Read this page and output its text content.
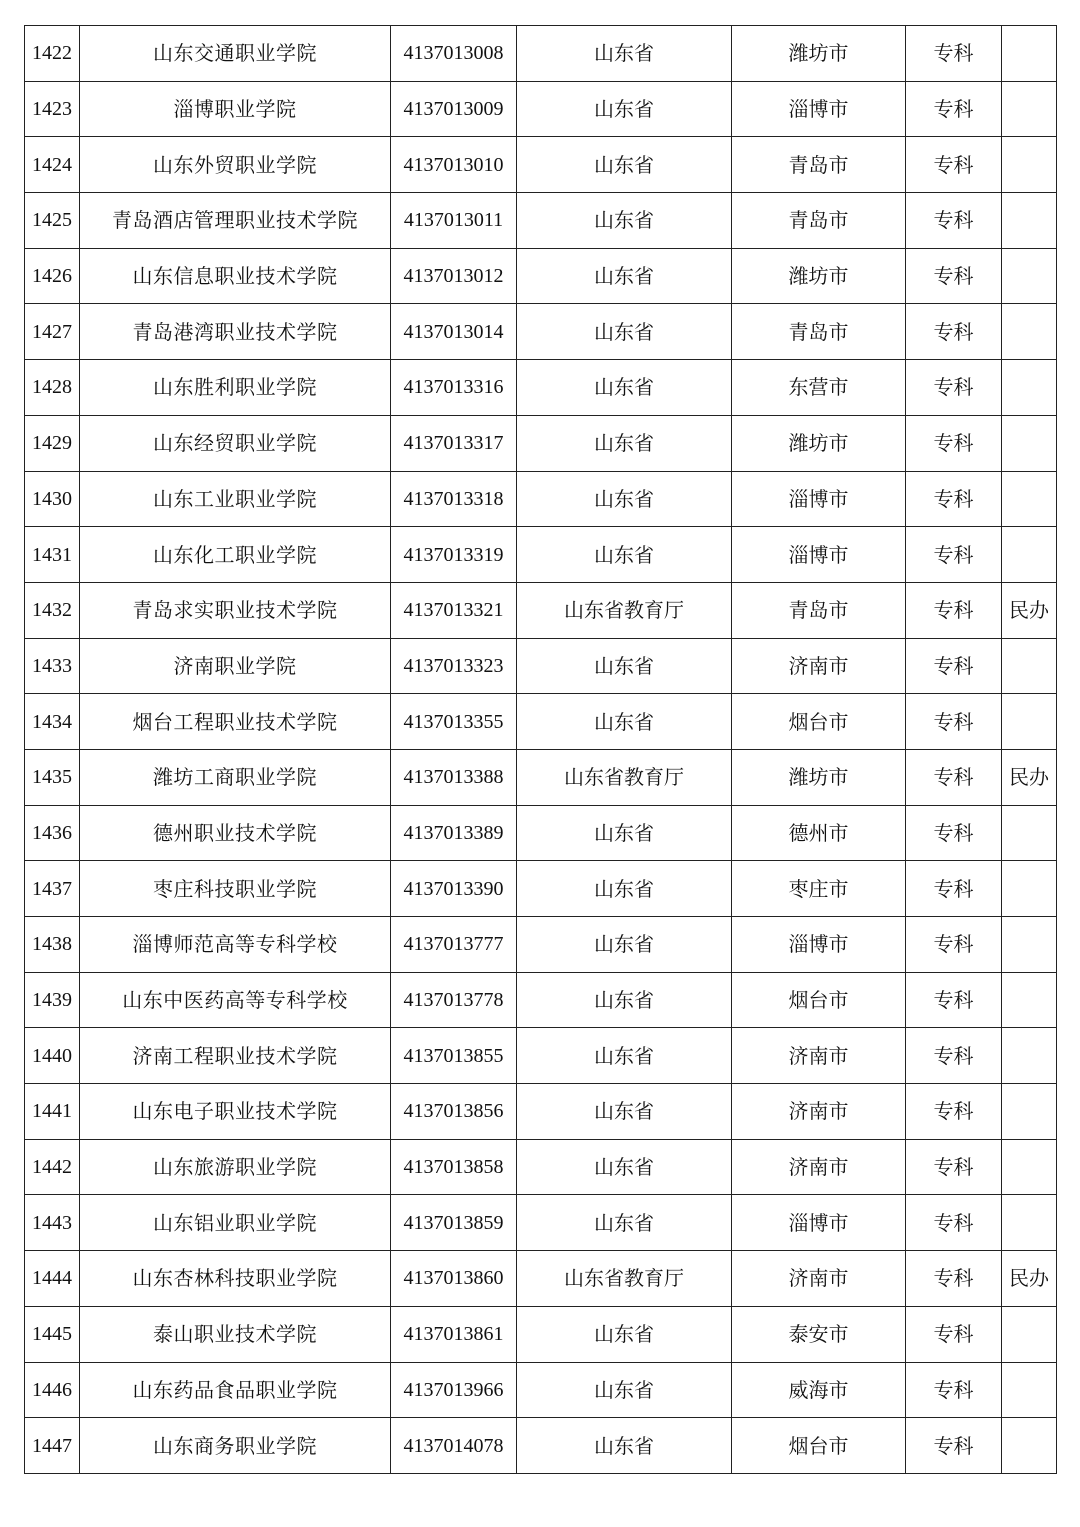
1422	山东交通职业学院	4137013008	山东省	潍坊市	专科	
1423	淄博职业学院	4137013009	山东省	淄博市	专科	
1424	山东外贸职业学院	4137013010	山东省	青岛市	专科	
1425	青岛酒店管理职业技术学院	4137013011	山东省	青岛市	专科	
1426	山东信息职业技术学院	4137013012	山东省	潍坊市	专科	
1427	青岛港湾职业技术学院	4137013014	山东省	青岛市	专科	
1428	山东胜利职业学院	4137013316	山东省	东营市	专科	
1429	山东经贸职业学院	4137013317	山东省	潍坊市	专科	
1430	山东工业职业学院	4137013318	山东省	淄博市	专科	
1431	山东化工职业学院	4137013319	山东省	淄博市	专科	
1432	青岛求实职业技术学院	4137013321	山东省教育厅	青岛市	专科	民办
1433	济南职业学院	4137013323	山东省	济南市	专科	
1434	烟台工程职业技术学院	4137013355	山东省	烟台市	专科	
1435	潍坊工商职业学院	4137013388	山东省教育厅	潍坊市	专科	民办
1436	德州职业技术学院	4137013389	山东省	德州市	专科	
1437	枣庄科技职业学院	4137013390	山东省	枣庄市	专科	
1438	淄博师范高等专科学校	4137013777	山东省	淄博市	专科	
1439	山东中医药高等专科学校	4137013778	山东省	烟台市	专科	
1440	济南工程职业技术学院	4137013855	山东省	济南市	专科	
1441	山东电子职业技术学院	4137013856	山东省	济南市	专科	
1442	山东旅游职业学院	4137013858	山东省	济南市	专科	
1443	山东铝业职业学院	4137013859	山东省	淄博市	专科	
1444	山东杏林科技职业学院	4137013860	山东省教育厅	济南市	专科	民办
1445	泰山职业技术学院	4137013861	山东省	泰安市	专科	
1446	山东药品食品职业学院	4137013966	山东省	威海市	专科	
1447	山东商务职业学院	4137014078	山东省	烟台市	专科	
